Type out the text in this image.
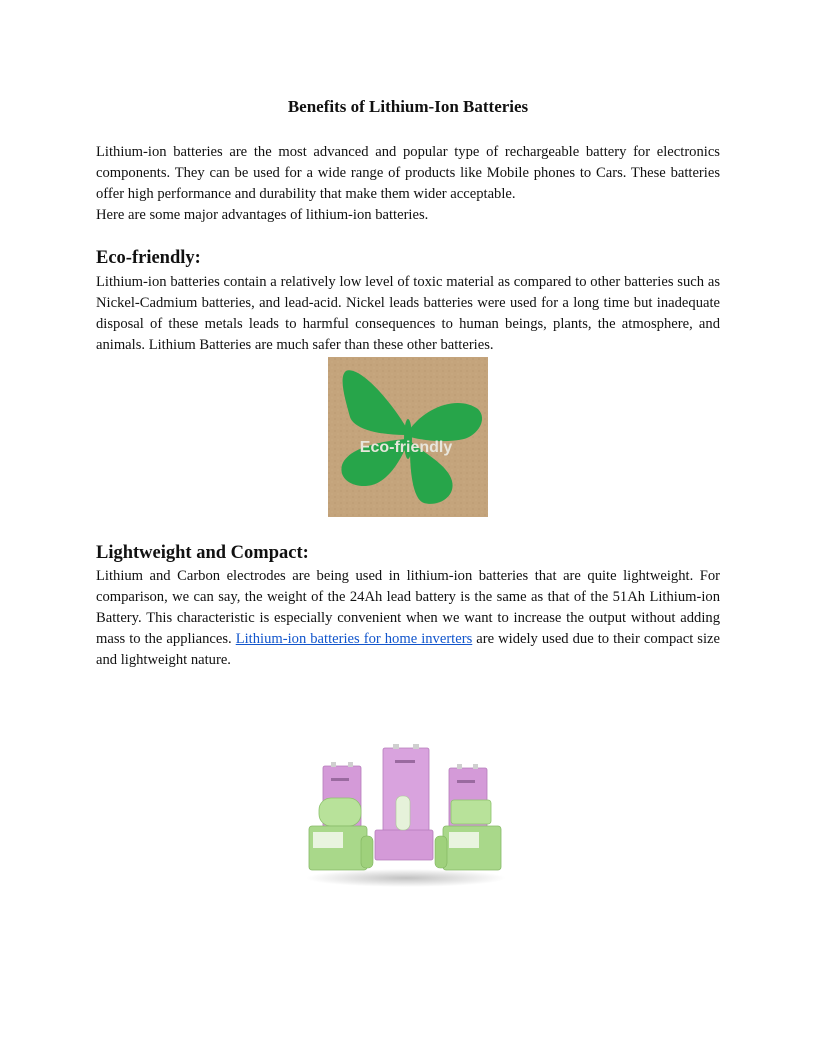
Benefits of Lithium-Ion Batteries

Lithium-ion batteries are the most advanced and popular type of rechargeable battery for electronics components. They can be used for a wide range of products like Mobile phones to Cars. These batteries offer high performance and durability that make them wider acceptable.

Here are some major advantages of lithium-ion batteries.

Eco-friendly:

Lithium-ion batteries contain a relatively low level of toxic material as compared to other batteries such as Nickel-Cadmium batteries, and lead-acid. Nickel leads batteries were used for a long time but inadequate disposal of these metals leads to harmful consequences to human beings, plants, the atmosphere, and animals. Lithium Batteries are much safer than these other batteries.

Eco-friendly
Lightweight and Compact:

Lithium and Carbon electrodes are being used in lithium-ion batteries that are quite lightweight. For comparison, we can say, the weight of the 24Ah lead battery is the same as that of the 51Ah Lithium-ion Battery. This characteristic is especially convenient when we want to increase the output without adding mass to the appliances. Lithium-ion batteries for home inverters are widely used due to their compact size and lightweight nature.
